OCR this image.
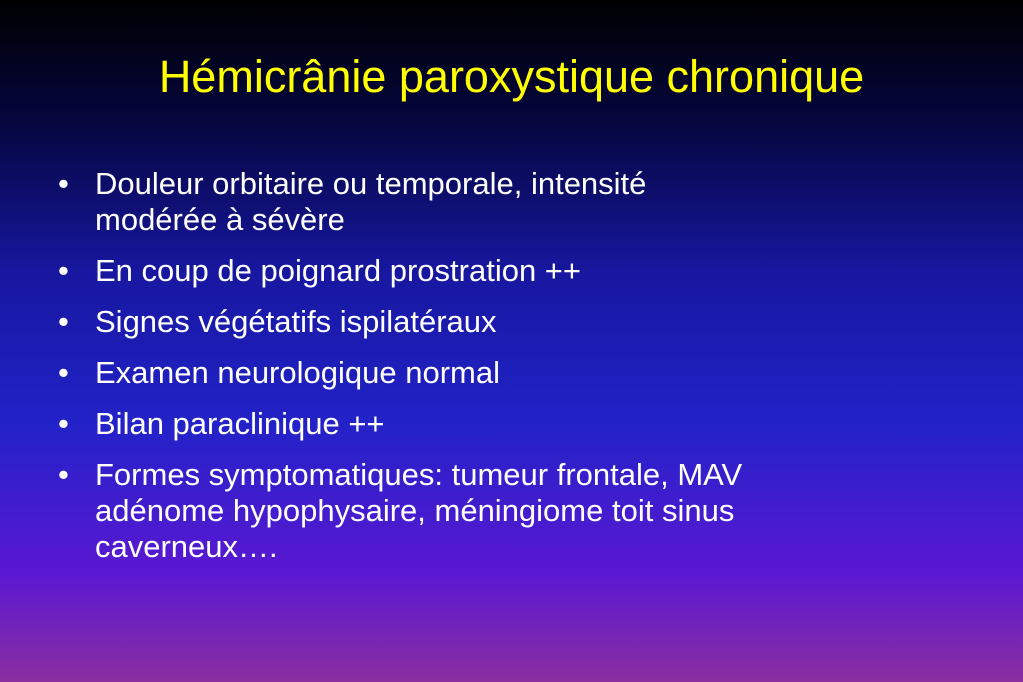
Hémicrânie paroxystique chronique
• Douleur orbitaire ou temporale, intensité
modérée à sévère
• En coup de poignard prostration ++
• Signes végétatifs ispilatéraux
• Examen neurologique normal
• Bilan paraclinique ++
• Formes symptomatiques: tumeur frontale, MAV
adénome hypophysaire, méningiome toit sinus
caverneux….
